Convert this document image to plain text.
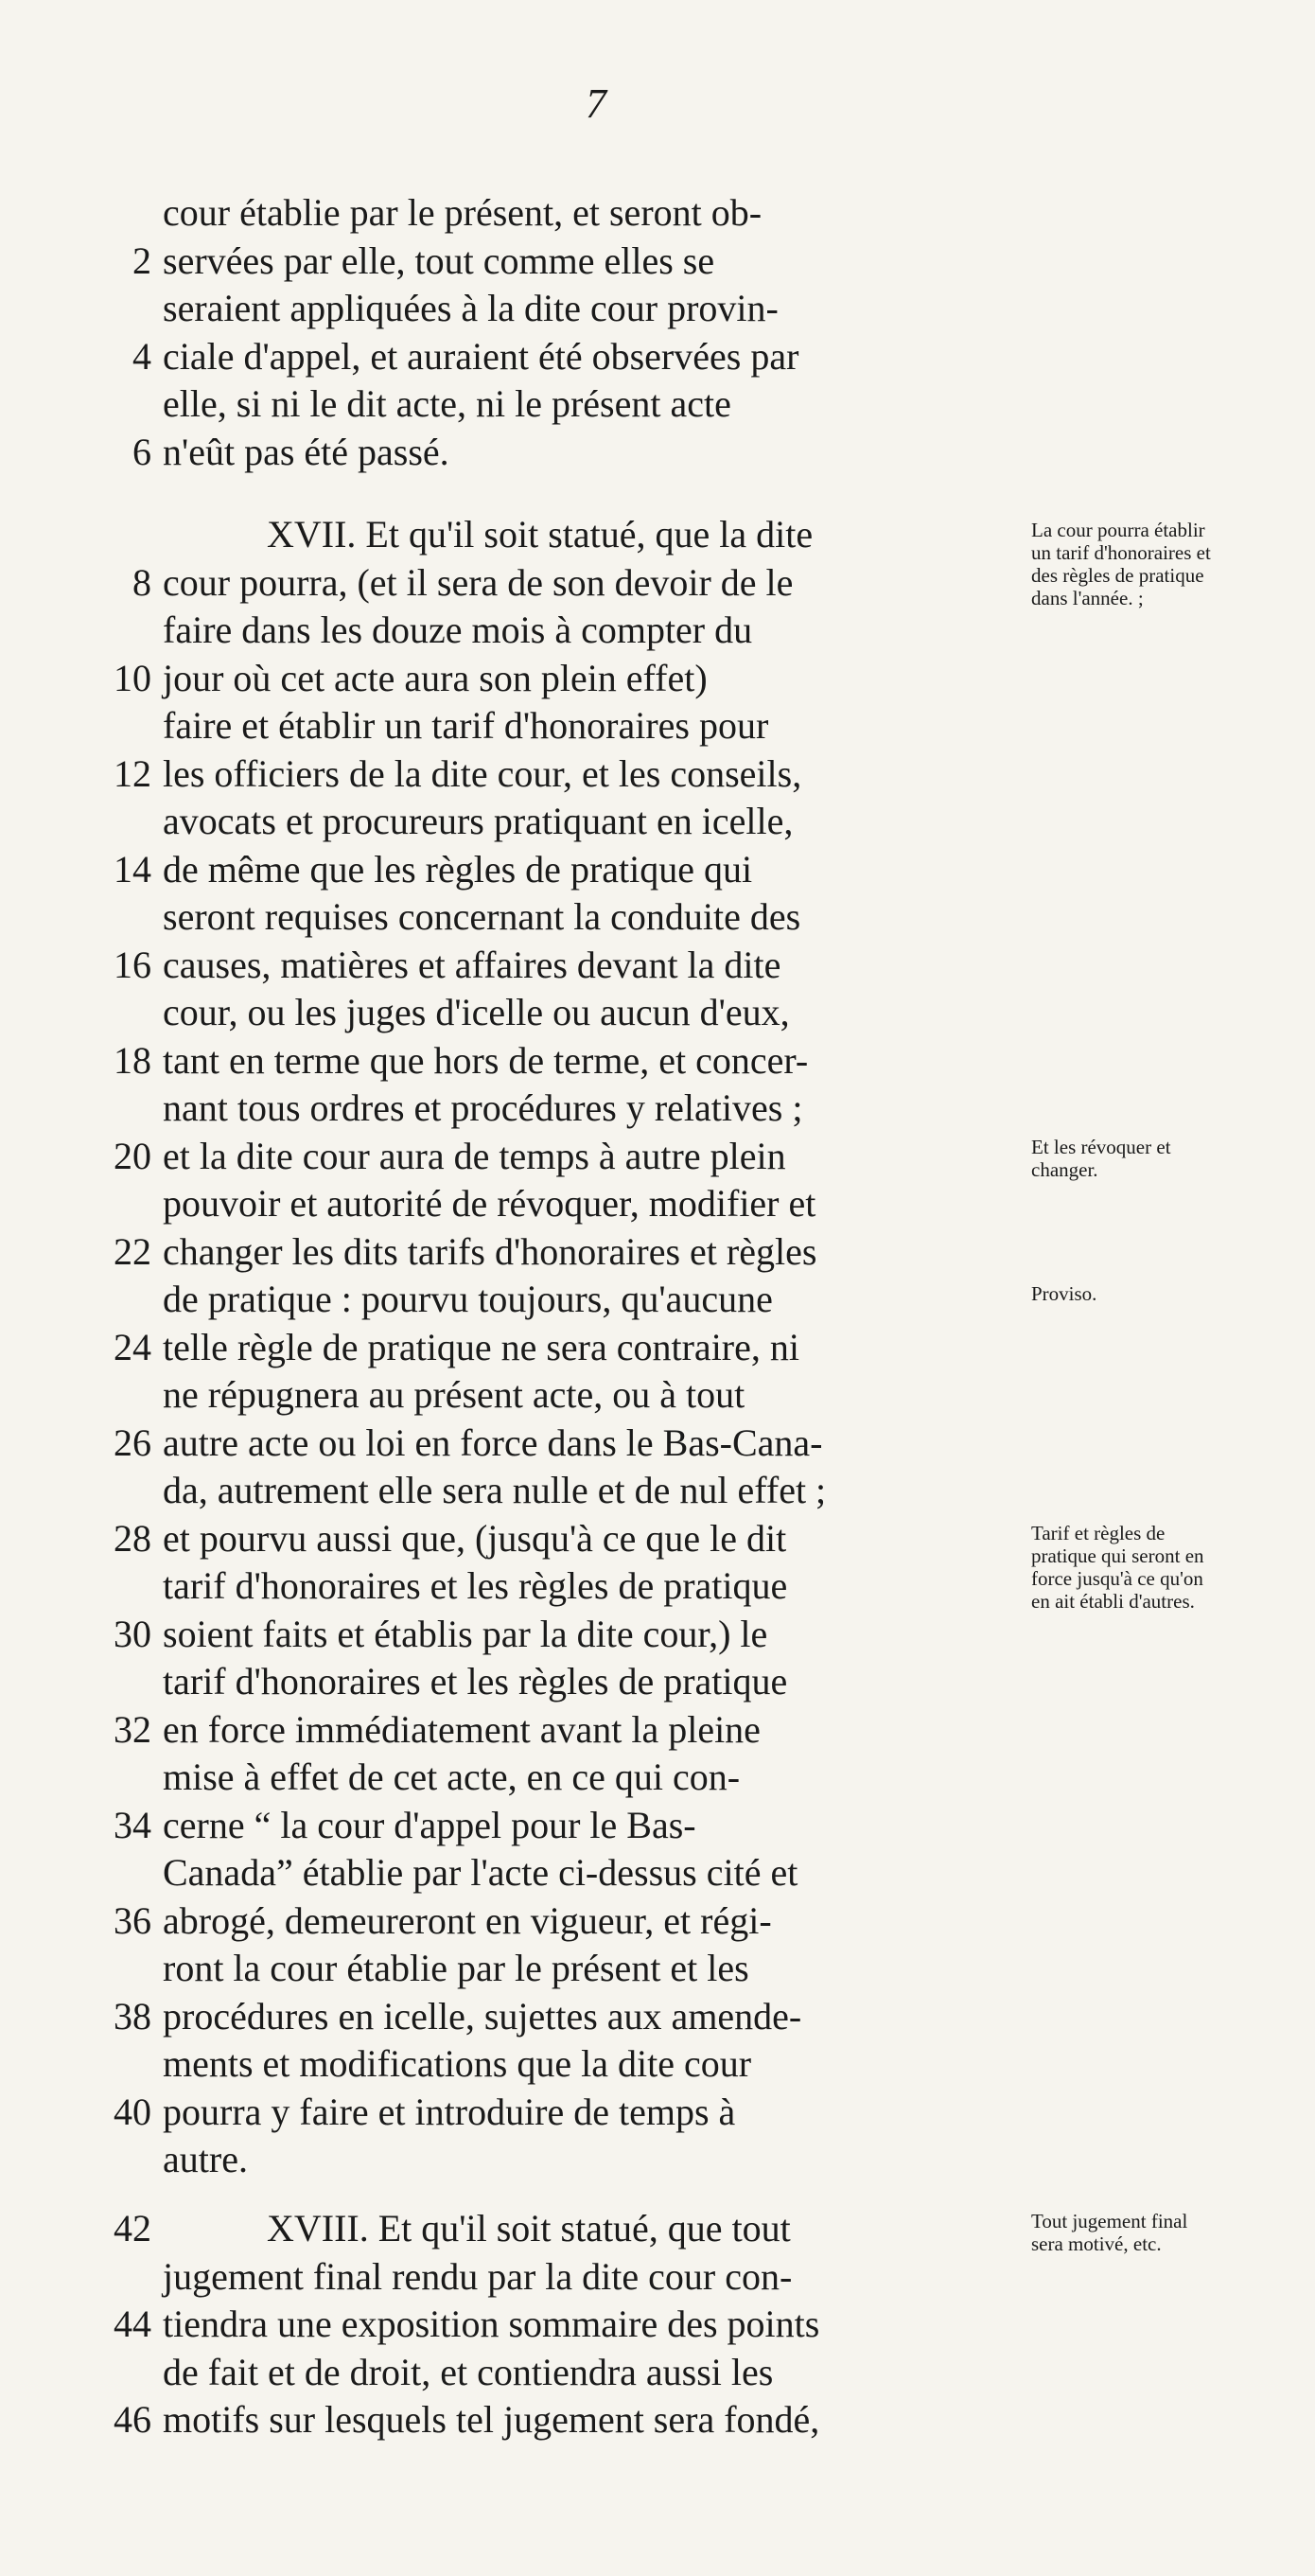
7
cour établie par le présent, et seront ob-
2 servées par elle, tout comme elles se
seraient appliquées à la dite cour provin-
4 ciale d'appel, et auraient été observées par
elle, si ni le dit acte, ni le présent acte
6 n'eût pas été passé.
XVII. Et qu'il soit statué, que la dite
8 cour pourra, (et il sera de son devoir de le
faire dans les douze mois à compter du
10 jour où cet acte aura son plein effet)
faire et établir un tarif d'honoraires pour
12 les officiers de la dite cour, et les conseils,
avocats et procureurs pratiquant en icelle,
14 de même que les règles de pratique qui
seront requises concernant la conduite des
16 causes, matières et affaires devant la dite
cour, ou les juges d'icelle ou aucun d'eux,
18 tant en terme que hors de terme, et concer-
nant tous ordres et procédures y relatives ;
20 et la dite cour aura de temps à autre plein
pouvoir et autorité de révoquer, modifier et
22 changer les dits tarifs d'honoraires et règles
de pratique : pourvu toujours, qu'aucune
24 telle règle de pratique ne sera contraire, ni
ne répugnera au présent acte, ou à tout
26 autre acte ou loi en force dans le Bas-Cana-
da, autrement elle sera nulle et de nul effet ;
28 et pourvu aussi que, (jusqu'à ce que le dit
tarif d'honoraires et les règles de pratique
30 soient faits et établis par la dite cour,) le
tarif d'honoraires et les règles de pratique
32 en force immédiatement avant la pleine
mise à effet de cet acte, en ce qui con-
34 cerne “ la cour d'appel pour le Bas-
Canada” établie par l'acte ci-dessus cité et
36 abrogé, demeureront en vigueur, et régi-
ront la cour établie par le présent et les
38 procédures en icelle, sujettes aux amende-
ments et modifications que la dite cour
40 pourra y faire et introduire de temps à
autre.
42	XVIII. Et qu'il soit statué, que tout
jugement final rendu par la dite cour con-
44 tiendra une exposition sommaire des points
de fait et de droit, et contiendra aussi les
46 motifs sur lesquels tel jugement sera fondé,
La cour pourra établir un tarif d'honoraires et des règles de pratique dans l'année. ;
Et les révoquer et changer.
Proviso.
Tarif et règles de pratique qui seront en force jusqu'à ce qu'on en ait établi d'autres.
Tout jugement final sera motivé, etc.
